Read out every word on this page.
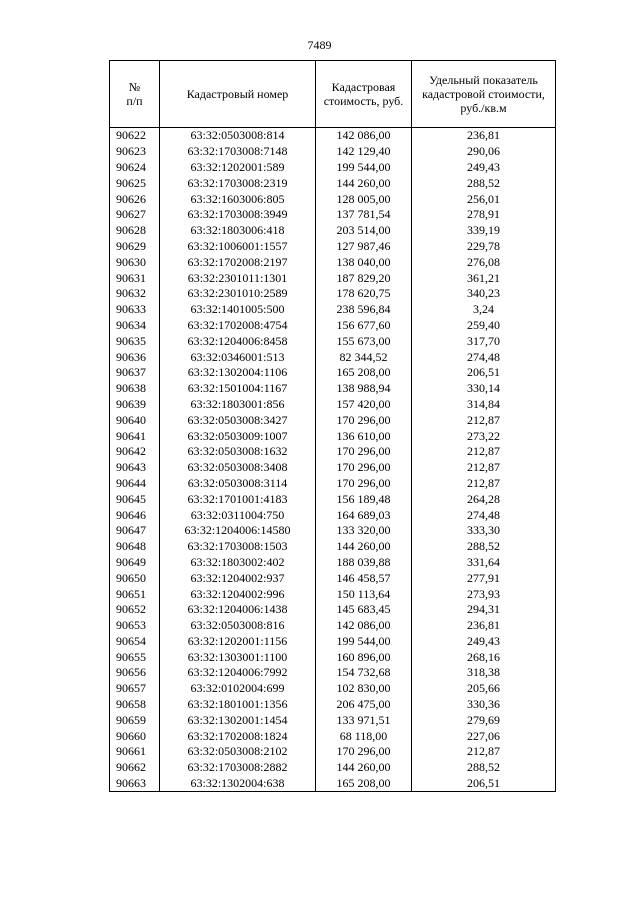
7489
№
п/п	Кадастровый номер	Кадастровая стоимость, руб.	Удельный показатель кадастровой стоимости, руб./кв.м
90622	63:32:0503008:814	142 086,00	236,81
90623	63:32:1703008:7148	142 129,40	290,06
90624	63:32:1202001:589	199 544,00	249,43
90625	63:32:1703008:2319	144 260,00	288,52
90626	63:32:1603006:805	128 005,00	256,01
90627	63:32:1703008:3949	137 781,54	278,91
90628	63:32:1803006:418	203 514,00	339,19
90629	63:32:1006001:1557	127 987,46	229,78
90630	63:32:1702008:2197	138 040,00	276,08
90631	63:32:2301011:1301	187 829,20	361,21
90632	63:32:2301010:2589	178 620,75	340,23
90633	63:32:1401005:500	238 596,84	3,24
90634	63:32:1702008:4754	156 677,60	259,40
90635	63:32:1204006:8458	155 673,00	317,70
90636	63:32:0346001:513	82 344,52	274,48
90637	63:32:1302004:1106	165 208,00	206,51
90638	63:32:1501004:1167	138 988,94	330,14
90639	63:32:1803001:856	157 420,00	314,84
90640	63:32:0503008:3427	170 296,00	212,87
90641	63:32:0503009:1007	136 610,00	273,22
90642	63:32:0503008:1632	170 296,00	212,87
90643	63:32:0503008:3408	170 296,00	212,87
90644	63:32:0503008:3114	170 296,00	212,87
90645	63:32:1701001:4183	156 189,48	264,28
90646	63:32:0311004:750	164 689,03	274,48
90647	63:32:1204006:14580	133 320,00	333,30
90648	63:32:1703008:1503	144 260,00	288,52
90649	63:32:1803002:402	188 039,88	331,64
90650	63:32:1204002:937	146 458,57	277,91
90651	63:32:1204002:996	150 113,64	273,93
90652	63:32:1204006:1438	145 683,45	294,31
90653	63:32:0503008:816	142 086,00	236,81
90654	63:32:1202001:1156	199 544,00	249,43
90655	63:32:1303001:1100	160 896,00	268,16
90656	63:32:1204006:7992	154 732,68	318,38
90657	63:32:0102004:699	102 830,00	205,66
90658	63:32:1801001:1356	206 475,00	330,36
90659	63:32:1302001:1454	133 971,51	279,69
90660	63:32:1702008:1824	68 118,00	227,06
90661	63:32:0503008:2102	170 296,00	212,87
90662	63:32:1703008:2882	144 260,00	288,52
90663	63:32:1302004:638	165 208,00	206,51
